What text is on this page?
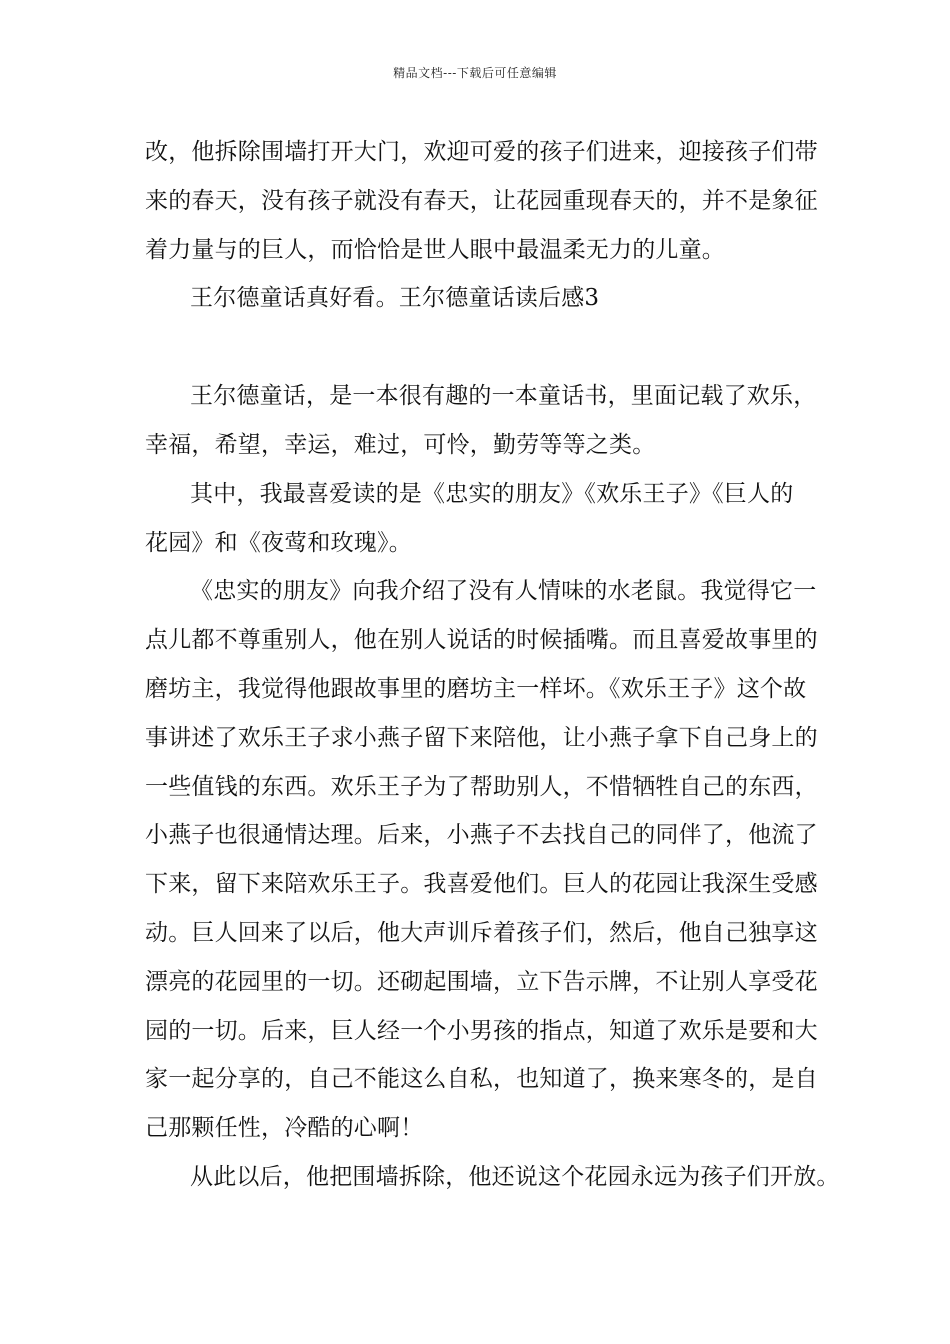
精品文档---下载后可任意编辑
改，他拆除围墙打开大门，欢迎可爱的孩子们进来，迎接孩子们带
来的春天，没有孩子就没有春天，让花园重现春天的，并不是象征
着力量与的巨人，而恰恰是世人眼中最温柔无力的儿童。
王尔德童话真好看。王尔德童话读后感3
王尔德童话，是一本很有趣的一本童话书，里面记载了欢乐，
幸福，希望，幸运，难过，可怜，勤劳等等之类。
其中，我最喜爱读的是《忠实的朋友》《欢乐王子》《巨人的
花园》和《夜莺和玫瑰》。
《忠实的朋友》向我介绍了没有人情味的水老鼠。我觉得它一
点儿都不尊重别人，他在别人说话的时候插嘴。而且喜爱故事里的
磨坊主，我觉得他跟故事里的磨坊主一样坏。《欢乐王子》这个故
事讲述了欢乐王子求小燕子留下来陪他，让小燕子拿下自己身上的
一些值钱的东西。欢乐王子为了帮助别人，不惜牺牲自己的东西，
小燕子也很通情达理。后来，小燕子不去找自己的同伴了，他流了
下来，留下来陪欢乐王子。我喜爱他们。巨人的花园让我深生受感
动。巨人回来了以后，他大声训斥着孩子们，然后，他自己独享这
漂亮的花园里的一切。还砌起围墙，立下告示牌，不让别人享受花
园的一切。后来，巨人经一个小男孩的指点，知道了欢乐是要和大
家一起分享的，自己不能这么自私，也知道了，换来寒冬的，是自
己那颗任性，冷酷的心啊！
从此以后，他把围墙拆除，他还说这个花园永远为孩子们开放。
